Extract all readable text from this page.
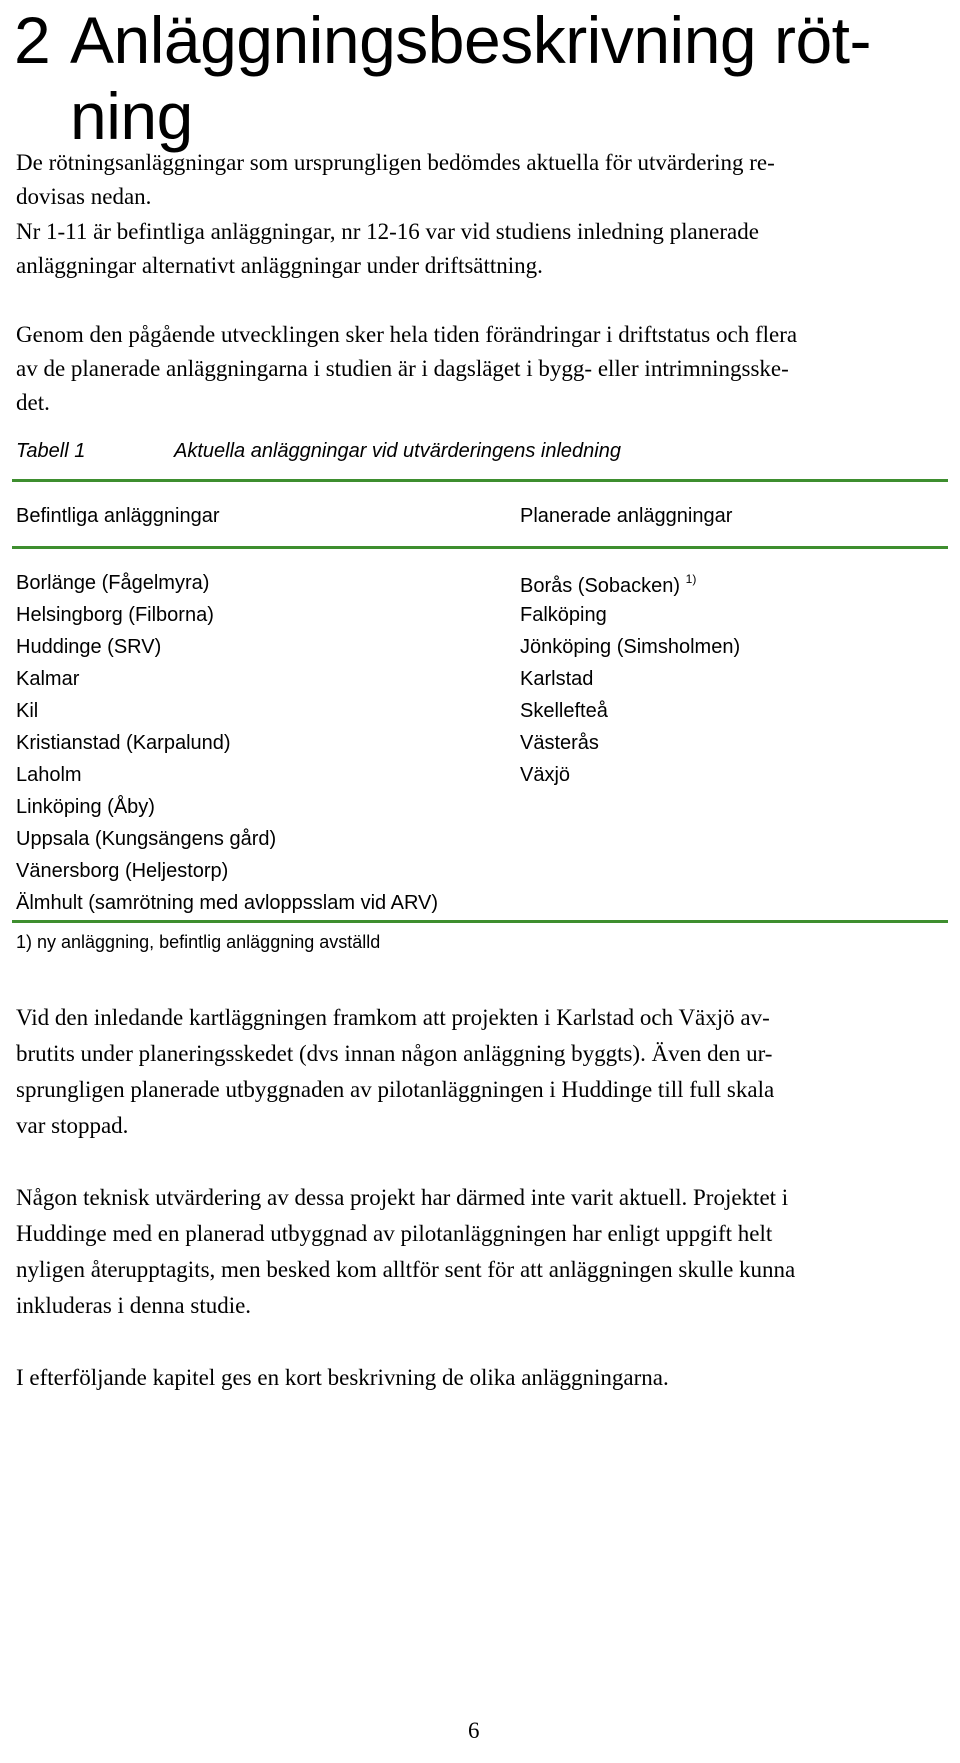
2 Anläggningsbeskrivning röt-
ning

De rötningsanläggningar som ursprungligen bedömdes aktuella för utvärdering re-
dovisas nedan.

Nr 1-11 är befintliga anläggningar, nr 12-16 var vid studiens inledning planerade
anläggningar alternativt anläggningar under driftsättning.

Genom den pågående utvecklingen sker hela tiden förändringar i driftstatus och flera
av de planerade anläggningarna i studien är i dagsläget i bygg- eller intrimningsske-
det.

Tabell 1	Aktuella anläggningar vid utvärderingens inledning
Befintliga anläggningar	Planerade anläggningar
Borlänge (Fågelmyra)
Helsingborg (Filborna)
Huddinge (SRV)
Kalmar
Kil
Kristianstad (Karpalund)
Laholm
Linköping (Åby)
Uppsala (Kungsängens gård)
Vänersborg (Heljestorp)
Älmhult (samrötning med avloppsslam vid ARV)
Borås (Sobacken) $^{1)}$
Falköping
Jönköping (Simsholmen)
Karlstad
Skellefteå
Västerås
Växjö
1) ny anläggning, befintlig anläggning avställd

Vid den inledande kartläggningen framkom att projekten i Karlstad och Växjö av-
brutits under planeringsskedet (dvs innan någon anläggning byggts). Även den ur-
sprungligen planerade utbyggnaden av pilotanläggningen i Huddinge till full skala
var stoppad.

Någon teknisk utvärdering av dessa projekt har därmed inte varit aktuell. Projektet i
Huddinge med en planerad utbyggnad av pilotanläggningen har enligt uppgift helt
nyligen återupptagits, men besked kom alltför sent för att anläggningen skulle kunna
inkluderas i denna studie.

I efterföljande kapitel ges en kort beskrivning de olika anläggningarna.

6
